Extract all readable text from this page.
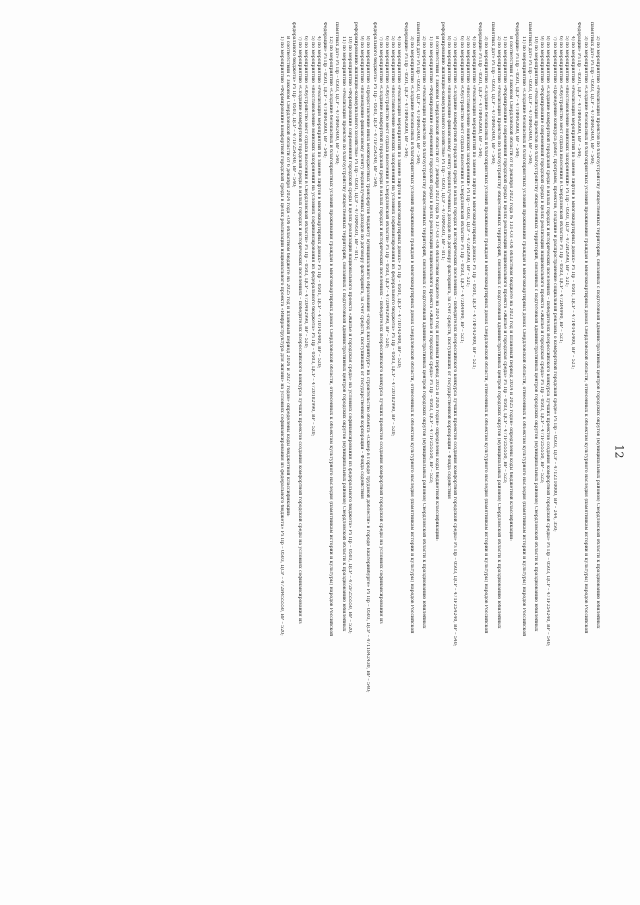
12
2) по мероприятию «Реализация проектов по благоустройству общественных территорий, связанных с подготовкой административных центров городских округов (муниципальных районов) Свердловской области к празднованию юбилейных
памятных дат» Рз Пр – 0503, ЦСР – 471Ф842400, ВР – 540;
3) по мероприятию «Создание безопасных и благоприятных условий проживания граждан в многоквартирных домах Свердловской области, отнесенных к объектам культурного наследия (памятникам истории и культуры) народов Российской
Федерации» Рз Пр – 0501, ЦСР – 471Ф842600, ВР – 540;
4) по мероприятию «Реализация мероприятий по замене лифтов в многоквартирных домах» Рз Пр – 0501, ЦСР – 471Ф142400, ВР – 521;
5) по мероприятию «Восстановление воинских захоронений» Рз Пр – 0503, ЦСР – 472И2990, ВР – 521;
6) по мероприятию «Обустройство мест отдыха населения в Свердловской области» Рз Пр – 0503, ЦСР – 472И4990, ВР – 521;
7) по мероприятию «Проведение конкурса работ, программ, проектов, создание и распространение социальной рекламы о комфортной городской среде» Рз Пр – 0503, ЦСР – 471Z110000, ВР – 244, 350;
8) по мероприятию «Создание комфортной городской среды в малых городах и исторических поселениях – победителях Всероссийского конкурса лучших проектов создания комфортной городской среды» Рз Пр – 0503, ЦСР – 471F254240, ВР – 540;
9) по мероприятию «Формирование современной городской среды в целях реализации национального проекта «Жилье и городская среда» Рз Пр – 0503, ЦСР – 471F255550, ВР – 523;
10) по мероприятию «Реализация проектов по благоустройству общественных территорий, связанных с подготовкой административных центров городских округов (муниципальных районов) Свердловской области к празднованию юбилейных
памятных дат» Рз Пр – 0503, ЦСР – 471Ф842400, ВР – 540;
11) по мероприятию «Создание безопасных и благоприятных условий проживания граждан в многоквартирных домах Свердловской области, отнесенных к объектам культурного наследия (памятникам истории и культуры) народов Российской
Федерации» Рз Пр – 0501, ЦСР – 471Ф842600, ВР – 540;
В соответствии с Законом Свердловской области от 8 декабря 2022 года № 131-ОЗ «Об областном бюджете на 2023 год и плановый период 2024 и 2025 годов» определены коды бюджетной классификации:
1) по мероприятию «Формирование современной городской среды в целях реализации национального проекта «Жилье и городская среда» Рз Пр – 0503, ЦСР – 471F255550, ВР – 523;
2) по мероприятию «Реализация проектов по благоустройству общественных территорий, связанных с подготовкой административных центров городских округов (муниципальных районов) Свердловской области к празднованию юбилейных
памятных дат» Рз Пр – 0503, ЦСР – 471Ф842400, ВР – 540;
3) по мероприятию «Создание безопасных и благоприятных условий проживания граждан в многоквартирных домах Свердловской области, отнесенных к объектам культурного наследия (памятникам истории и культуры) народов Российской
Федерации» Рз Пр – 0501, ЦСР – 471Ф842600, ВР – 540;
4) по мероприятию «Реализация мероприятий по замене лифтов в многоквартирных домах» Рз Пр – 0501, ЦСР – 471Ф142400, ВР – 521;
5) по мероприятию «Восстановление воинских захоронений» Рз Пр – 0503, ЦСР – 472И2990, ВР – 521;
6) по мероприятию «Обустройство мест отдыха населения в Свердловской области» Рз Пр – 0503, ЦСР – 472И4990, ВР – 521;
7) по мероприятию «Создание комфортной городской среды в малых городах и исторических поселениях – победителях Всероссийского конкурса лучших проектов создания комфортной городской среды» Рз Пр – 0503, ЦСР – 471F254240, ВР – 540;
8) по мероприятию «Возмещение финансовому агенту недополученных доходов по договору факторинга, за счет средств, поступивших от государственной корпорации – Фонда содействия
реформированию жилищно-коммунального хозяйства» Рз Пр – 0501, ЦСР – 4710Ф9501, ВР – 811;
В соответствии с Законом Свердловской области от 7 декабря 2023 года № 137-ОЗ «Об областном бюджете на 2024 год и плановый период 2025 и 2026 годов» определены коды бюджетной классификации:
1) по мероприятию «Формирование современной городской среды в целях реализации национального проекта «Жилье и городская среда» Рз Пр – 0503, ЦСР – 471F255550, ВР – 523;
2) по мероприятию «Реализация проектов по благоустройству общественных территорий, связанных с подготовкой административных центров городских округов (муниципальных районов) Свердловской области к празднованию юбилейных
памятных дат» Рз Пр – 0503, ЦСР – 471Ф842400, ВР – 540;
3) по мероприятию «Создание безопасных и благоприятных условий проживания граждан в многоквартирных домах Свердловской области, отнесенных к объектам культурного наследия (памятникам истории и культуры) народов Российской
Федерации» Рз Пр – 0501, ЦСР – 471Ф842600, ВР – 540;
4) по мероприятию «Реализация мероприятий по замене лифтов в многоквартирных домах» Рз Пр – 0501, ЦСР – 4710142400, ВР – 520;
5) по мероприятию «Восстановление воинских захоронений на условиях софинансирования из федерального бюджета» Рз Пр – 0503, ЦСР – 4720182990, ВР – 520;
6) по мероприятию «Обустройство мест отдыха населения в Свердловской области» Рз Пр – 0503, ЦСР – 4720492990, ВР – 520;
7) по мероприятию «Создание комфортной городской среды в малых городах и исторических поселениях – победителях Всероссийского конкурса лучших проектов создания комфортной городской среды на условиях софинансирования из
федерального бюджета» Рз Пр – 0503, ЦСР – 471F254240, ВР – 540;
8) по мероприятию «Предоставление иных межбюджетных трансфертов бюджету муниципального образования «город Екатеринбург» на строительство объекта «Сквер в Городе трудовой доблести» в городе Екатеринбурге» Рз Пр – 0503, ЦСР – 4711842430, ВР – 540;
9) по мероприятию «Возмещение финансовому агенту недополученных доходов по договору факторинга, за счет средств, поступивших от государственной корпорации – Фонда содействия
реформированию жилищно-коммунального хозяйства» Рз Пр – 0501, ЦСР – 4710Ф9501, ВР – 811;
10) по мероприятию «Формирование современной городской среды в целях реализации национального проекта «Жилье и городская среда» на условиях софинансирования из федерального бюджета» Рз Пр – 0503, ЦСР – 472F255550, ВР – 520;
11) по мероприятию «Реализация проектов по благоустройству общественных территорий, связанных с подготовкой административных центров городских округов (муниципальных районов) Свердловской области к празднованию юбилейных
памятных дат» Рз Пр – 0503, ЦСР – 471Ф842400, ВР – 540;
12) по мероприятию «Создание безопасных и благоприятных условий проживания граждан в многоквартирных домах Свердловской области, отнесенных к объектам культурного наследия (памятникам истории и культуры) народов Российской
Федерации» Рз Пр – 0501, ЦСР – 471Ф842600, ВР – 540;
4) по мероприятию «Реализация мероприятий по замене лифтов в многоквартирных домах» Рз Пр – 0501, ЦСР – 4710142400, ВР – 520;
5) по мероприятию «Восстановление воинских захоронений на условиях софинансирования из федерального бюджета» Рз Пр – 0503, ЦСР – 4720182990, ВР – 520;
6) по мероприятию «Обустройство мест отдыха населения в Свердловской области» Рз Пр – 0503, ЦСР – 4720492990, ВР – 520;
7) по мероприятию «Создание комфортной городской среды в малых городах и исторических поселениях – победителях Всероссийского конкурса лучших проектов создания комфортной городской среды на условиях софинансирования из
федерального бюджета» Рз Пр – 0503, ЦСР – 471F254240, ВР – 540;
В соответствии с Законом Свердловской области от 6 декабря 2024 года «Об областном бюджете на 2025 год и плановый период 2026 и 2027 годов» определены коды бюджетной классификации:
1) по мероприятию «Формирование комфортной городской среды в целях реализации национального проекта «Инфраструктура для жизни» на условиях софинансирования из федерального бюджета» Рз Пр – 0503, ЦСР – 472И455550, ВР – 520;
